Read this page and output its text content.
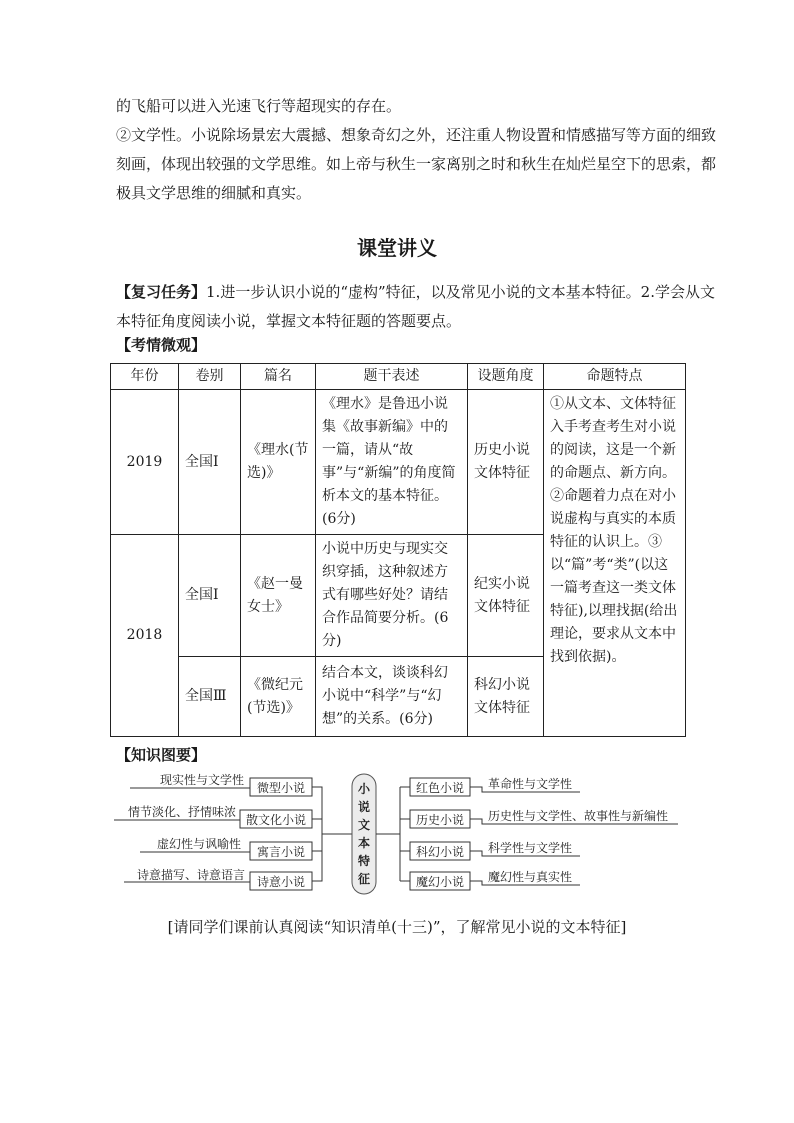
的飞船可以进入光速飞行等超现实的存在。
②文学性。小说除场景宏大震撼、想象奇幻之外，还注重人物设置和情感描写等方面的细致
刻画，体现出较强的文学思维。如上帝与秋生一家离别之时和秋生在灿烂星空下的思索，都
极具文学思维的细腻和真实。
课堂讲义
【复习任务】1.进一步认识小说的“虚构”特征，以及常见小说的文本基本特征。2.学会从文
本特征角度阅读小说，掌握文本特征题的答题要点。
【考情微观】
年份	卷别	篇名	题干表述	设题角度	命题特点
2019	全国Ⅰ	《理水(节选)》	《理水》是鲁迅小说集《故事新编》中的一篇，请从“故事”与“新编”的角度简析本文的基本特征。(6分)	历史小说文体特征	①从文本、文体特征入手考查考生对小说的阅读，这是一个新的命题点、新方向。②命题着力点在对小说虚构与真实的本质特征的认识上。③以“篇”考“类”(以这一篇考查这一类文体特征),以理找据(给出理论，要求从文本中找到依据)。
2018	全国Ⅰ	《赵一曼女士》	小说中历史与现实交织穿插，这种叙述方式有哪些好处？请结合作品简要分析。(6分)	纪实小说文体特征	
	全国Ⅲ	《微纪元(节选)》	结合本文，谈谈科幻小说中“科学”与“幻想”的关系。(6分)	科幻小说文体特征	
【知识图要】
现实性与文学性
情节淡化、抒情味浓
虚幻性与讽喻性
诗意描写、诗意语言
微型小说
散文化小说
寓言小说
诗意小说
小
说
文
本
特
征
红色小说
历史小说
科幻小说
魔幻小说
革命性与文学性
历史性与文学性、故事性与新编性
科学性与文学性
魔幻性与真实性
[请同学们课前认真阅读“知识清单(十三)”，了解常见小说的文本特征]
